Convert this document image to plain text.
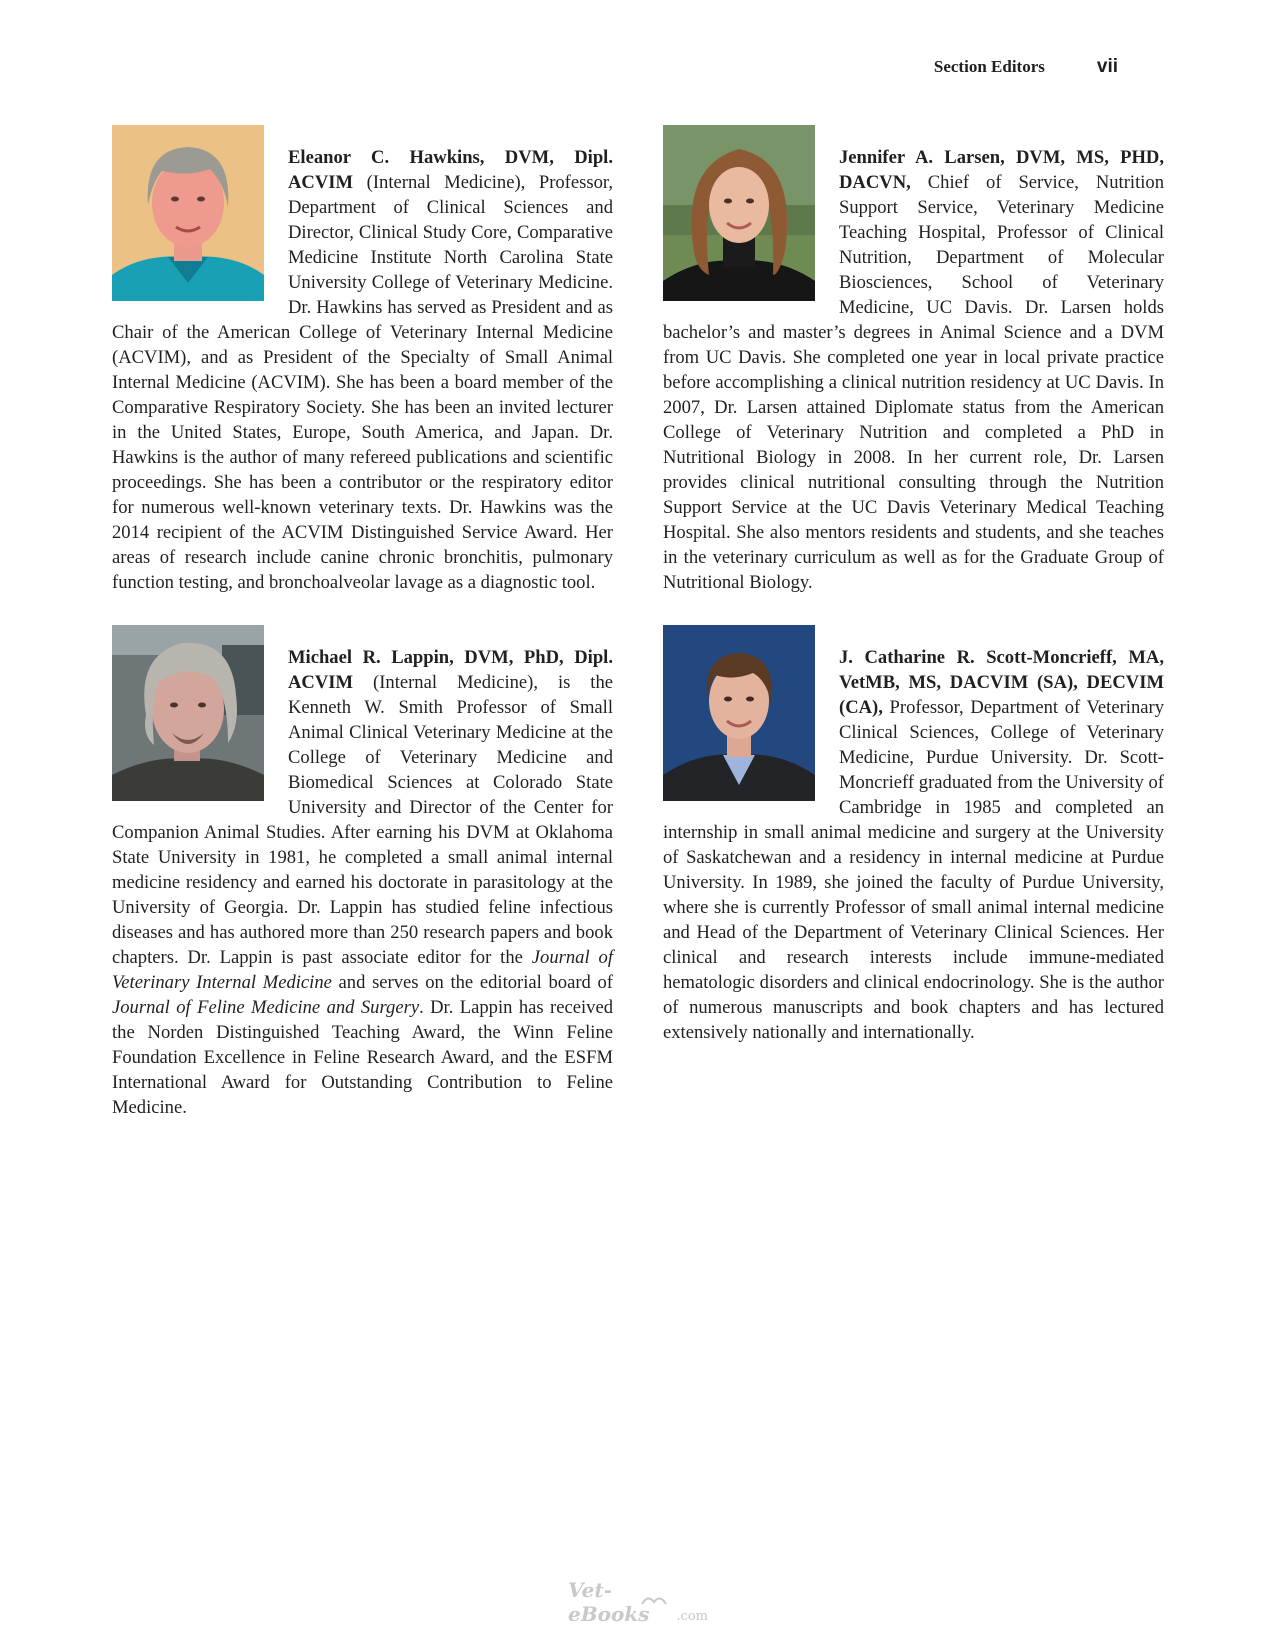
Section Editors	vii

Eleanor C. Hawkins, DVM, Dipl. ACVIM (Internal Medicine), Professor, Department of Clinical Sciences and Director, Clinical Study Core, Comparative Medicine Institute North Carolina State University College of Veterinary Medicine. Dr. Hawkins has served as President and as Chair of the American College of Veterinary Internal Medicine (ACVIM), and as President of the Specialty of Small Animal Internal Medicine (ACVIM). She has been a board member of the Comparative Respiratory Society. She has been an invited lecturer in the United States, Europe, South America, and Japan. Dr. Hawkins is the author of many refereed publications and scientific proceedings. She has been a contributor or the respiratory editor for numerous well-known veterinary texts. Dr. Hawkins was the 2014 recipient of the ACVIM Distinguished Service Award. Her areas of research include canine chronic bronchitis, pulmonary function testing, and bronchoalveolar lavage as a diagnostic tool.

Michael R. Lappin, DVM, PhD, Dipl. ACVIM (Internal Medicine), is the Kenneth W. Smith Professor of Small Animal Clinical Veterinary Medicine at the College of Veterinary Medicine and Biomedical Sciences at Colorado State University and Director of the Center for Companion Animal Studies. After earning his DVM at Oklahoma State University in 1981, he completed a small animal internal medicine residency and earned his doctorate in parasitology at the University of Georgia. Dr. Lappin has studied feline infectious diseases and has authored more than 250 research papers and book chapters. Dr. Lappin is past associate editor for the Journal of Veterinary Internal Medicine and serves on the editorial board of Journal of Feline Medicine and Surgery. Dr. Lappin has received the Norden Distinguished Teaching Award, the Winn Feline Foundation Excellence in Feline Research Award, and the ESFM International Award for Outstanding Contribution to Feline Medicine.

Jennifer A. Larsen, DVM, MS, PHD, DACVN, Chief of Service, Nutrition Support Service, Veterinary Medicine Teaching Hospital, Professor of Clinical Nutrition, Department of Molecular Biosciences, School of Veterinary Medicine, UC Davis. Dr. Larsen holds bachelor’s and master’s degrees in Animal Science and a DVM from UC Davis. She completed one year in local private practice before accomplishing a clinical nutrition residency at UC Davis. In 2007, Dr. Larsen attained Diplomate status from the American College of Veterinary Nutrition and completed a PhD in Nutritional Biology in 2008. In her current role, Dr. Larsen provides clinical nutritional consulting through the Nutrition Support Service at the UC Davis Veterinary Medical Teaching Hospital. She also mentors residents and students, and she teaches in the veterinary curriculum as well as for the Graduate Group of Nutritional Biology.

J. Catharine R. Scott-Moncrieff, MA, VetMB, MS, DACVIM (SA), DECVIM (CA), Professor, Department of Veterinary Clinical Sciences, College of Veterinary Medicine, Purdue University. Dr. Scott-Moncrieff graduated from the University of Cambridge in 1985 and completed an internship in small animal medicine and surgery at the University of Saskatchewan and a residency in internal medicine at Purdue University. In 1989, she joined the faculty of Purdue University, where she is currently Professor of small animal internal medicine and Head of the Department of Veterinary Clinical Sciences. Her clinical and research interests include immune-mediated hematologic disorders and clinical endocrinology. She is the author of numerous manuscripts and book chapters and has lectured extensively nationally and internationally.

Vet-eBooks	.com
